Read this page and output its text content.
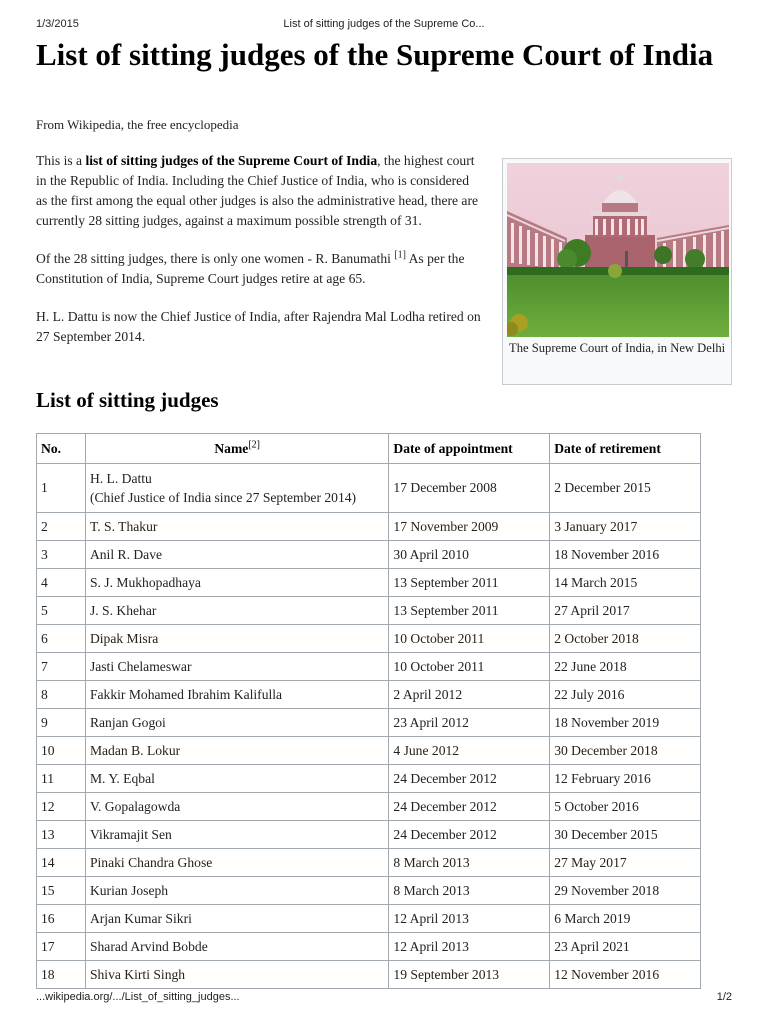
1/3/2015	List of sitting judges of the Supreme Co...
List of sitting judges of the Supreme Court of India
From Wikipedia, the free encyclopedia

This is a list of sitting judges of the Supreme Court of India, the highest court in the Republic of India. Including the Chief Justice of India, who is considered as the first among the equal other judges is also the administrative head, there are currently 28 sitting judges, against a maximum possible strength of 31.

Of the 28 sitting judges, there is only one women - R. Banumathi [1] As per the Constitution of India, Supreme Court judges retire at age 65.

H. L. Dattu is now the Chief Justice of India, after Rajendra Mal Lodha retired on 27 September 2014.

The Supreme Court of India, in New Delhi
List of sitting judges
No.	Name[2]	Date of appointment	Date of retirement
1	H. L. Dattu
(Chief Justice of India since 27 September 2014)	17 December 2008	2 December 2015
2	T. S. Thakur	17 November 2009	3 January 2017
3	Anil R. Dave	30 April 2010	18 November 2016
4	S. J. Mukhopadhaya	13 September 2011	14 March 2015
5	J. S. Khehar	13 September 2011	27 April 2017
6	Dipak Misra	10 October 2011	2 October 2018
7	Jasti Chelameswar	10 October 2011	22 June 2018
8	Fakkir Mohamed Ibrahim Kalifulla	2 April 2012	22 July 2016
9	Ranjan Gogoi	23 April 2012	18 November 2019
10	Madan B. Lokur	4 June 2012	30 December 2018
11	M. Y. Eqbal	24 December 2012	12 February 2016
12	V. Gopalagowda	24 December 2012	5 October 2016
13	Vikramajit Sen	24 December 2012	30 December 2015
14	Pinaki Chandra Ghose	8 March 2013	27 May 2017
15	Kurian Joseph	8 March 2013	29 November 2018
16	Arjan Kumar Sikri	12 April 2013	6 March 2019
17	Sharad Arvind Bobde	12 April 2013	23 April 2021
18	Shiva Kirti Singh	19 September 2013	12 November 2016
...wikipedia.org/.../List_of_sitting_judges...	1/2
